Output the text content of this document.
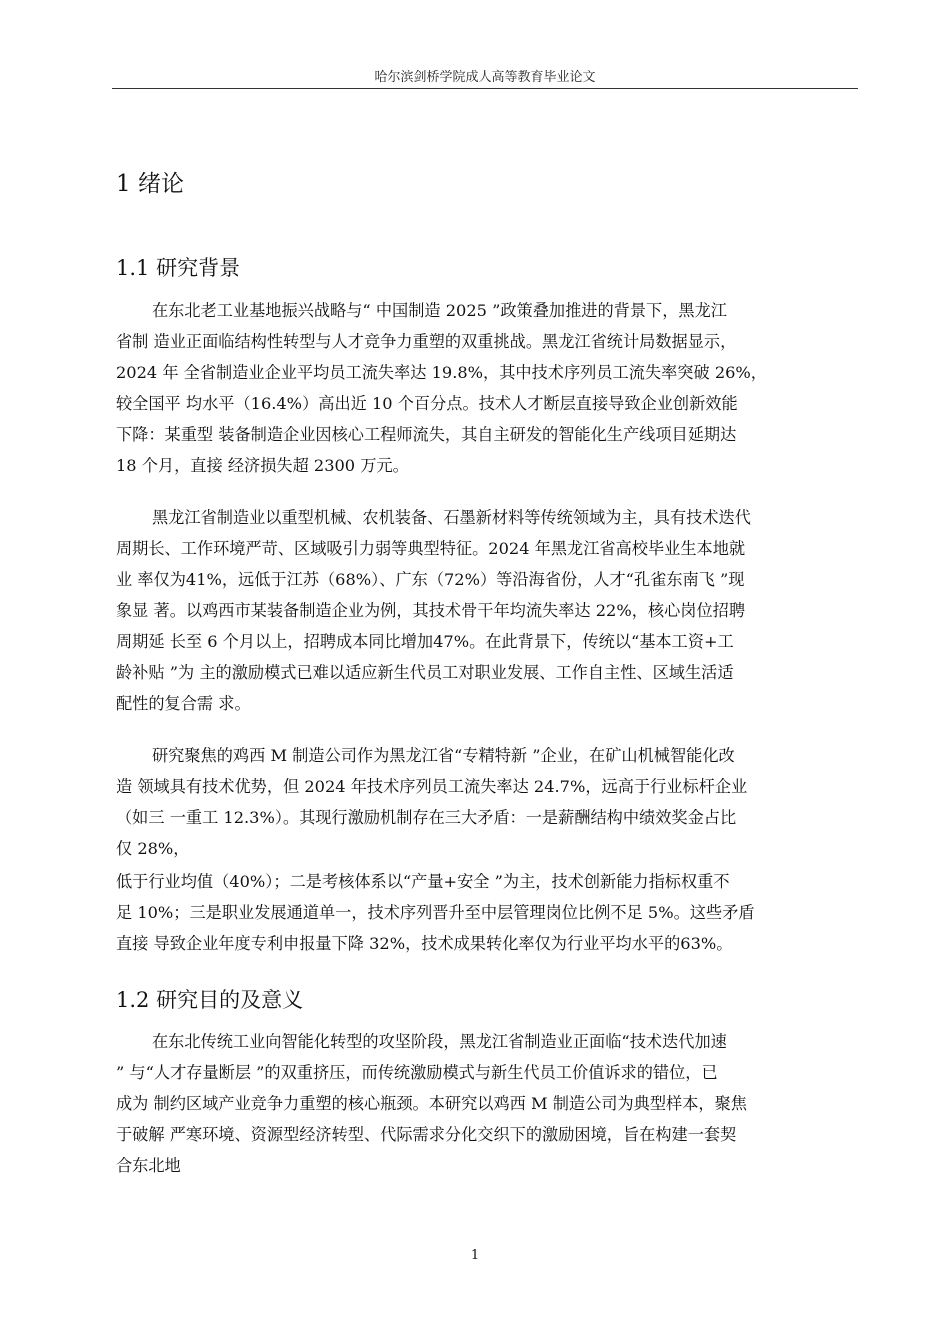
哈尔滨剑桥学院成人高等教育毕业论文
1 绪论
1.1 研究背景
在东北老工业基地振兴战略与“ 中国制造 2025 ”政策叠加推进的背景下，黑龙江
省制 造业正面临结构性转型与人才竞争力重塑的双重挑战。黑龙江省统计局数据显示，
2024 年 全省制造业企业平均员工流失率达 19.8%，其中技术序列员工流失率突破 26%，
较全国平 均水平（16.4%）高出近 10 个百分点。技术人才断层直接导致企业创新效能
下降：某重型 装备制造企业因核心工程师流失，其自主研发的智能化生产线项目延期达
18 个月，直接 经济损失超 2300 万元。
黑龙江省制造业以重型机械、农机装备、石墨新材料等传统领域为主，具有技术迭代
周期长、工作环境严苛、区域吸引力弱等典型特征。2024 年黑龙江省高校毕业生本地就
业 率仅为41%，远低于江苏（68%）、广东（72%）等沿海省份，人才“孔雀东南飞 ”现
象显 著。以鸡西市某装备制造企业为例，其技术骨干年均流失率达 22%，核心岗位招聘
周期延 长至 6 个月以上，招聘成本同比增加47%。在此背景下，传统以“基本工资+工
龄补贴 ”为 主的激励模式已难以适应新生代员工对职业发展、工作自主性、区域生活适
配性的复合需 求。
研究聚焦的鸡西 M 制造公司作为黑龙江省“专精特新 ”企业，在矿山机械智能化改
造 领域具有技术优势，但 2024 年技术序列员工流失率达 24.7%，远高于行业标杆企业
（如三 一重工 12.3%）。其现行激励机制存在三大矛盾：一是薪酬结构中绩效奖金占比
仅 28%，
低于行业均值（40%）；二是考核体系以“产量+安全 ”为主，技术创新能力指标权重不
足 10%；三是职业发展通道单一，技术序列晋升至中层管理岗位比例不足 5%。这些矛盾
直接 导致企业年度专利申报量下降 32%，技术成果转化率仅为行业平均水平的63%。
1.2 研究目的及意义
在东北传统工业向智能化转型的攻坚阶段，黑龙江省制造业正面临“技术迭代加速
” 与“人才存量断层 ”的双重挤压，而传统激励模式与新生代员工价值诉求的错位，已
成为 制约区域产业竞争力重塑的核心瓶颈。本研究以鸡西 M 制造公司为典型样本，聚焦
于破解 严寒环境、资源型经济转型、代际需求分化交织下的激励困境，旨在构建一套契
合东北地
1
